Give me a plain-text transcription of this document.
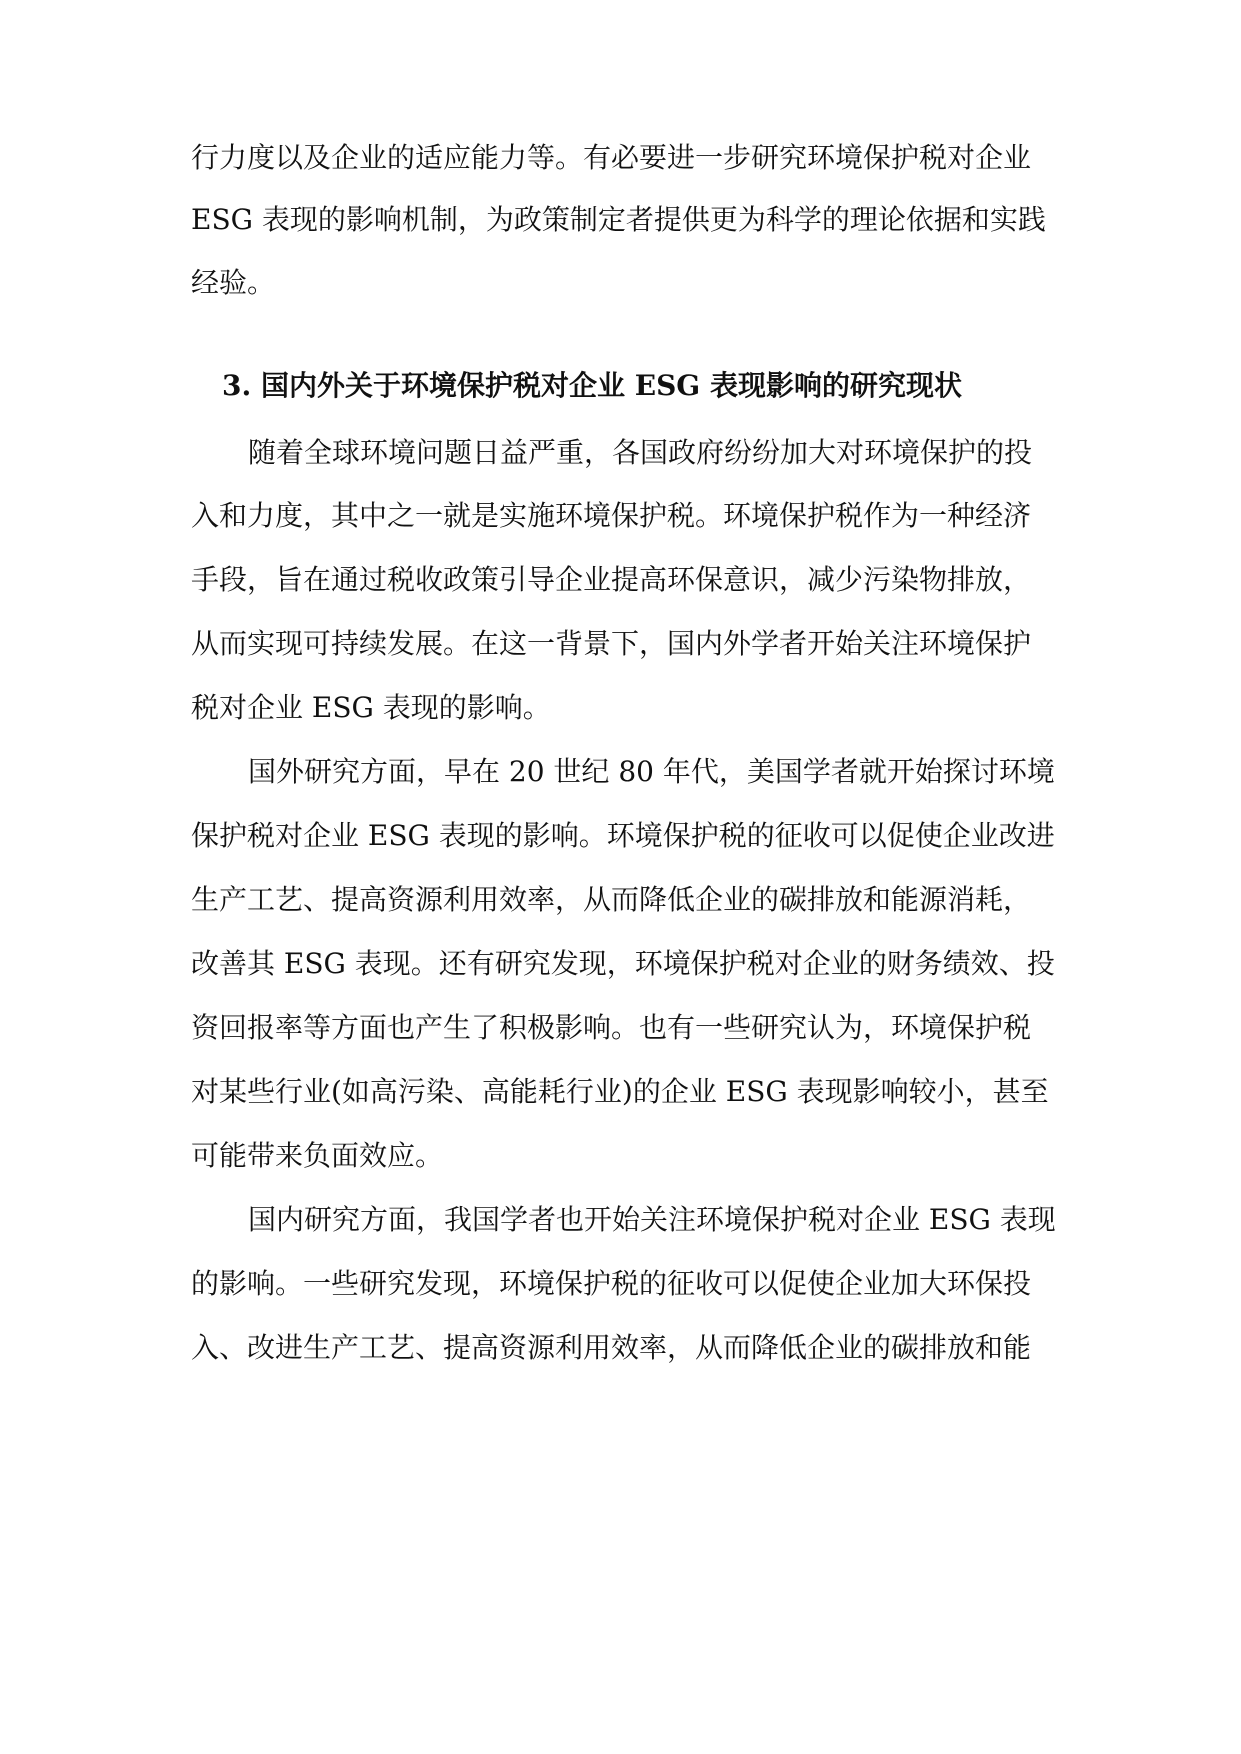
行力度以及企业的适应能力等。有必要进一步研究环境保护税对企业
ESG 表现的影响机制，为政策制定者提供更为科学的理论依据和实践
经验。
3. 国内外关于环境保护税对企业 ESG 表现影响的研究现状
随着全球环境问题日益严重，各国政府纷纷加大对环境保护的投
入和力度，其中之一就是实施环境保护税。环境保护税作为一种经济
手段，旨在通过税收政策引导企业提高环保意识，减少污染物排放，
从而实现可持续发展。在这一背景下，国内外学者开始关注环境保护
税对企业 ESG 表现的影响。
国外研究方面，早在 20 世纪 80 年代，美国学者就开始探讨环境
保护税对企业 ESG 表现的影响。环境保护税的征收可以促使企业改进
生产工艺、提高资源利用效率，从而降低企业的碳排放和能源消耗，
改善其 ESG 表现。还有研究发现，环境保护税对企业的财务绩效、投
资回报率等方面也产生了积极影响。也有一些研究认为，环境保护税
对某些行业(如高污染、高能耗行业)的企业 ESG 表现影响较小，甚至
可能带来负面效应。
国内研究方面，我国学者也开始关注环境保护税对企业 ESG 表现
的影响。一些研究发现，环境保护税的征收可以促使企业加大环保投
入、改进生产工艺、提高资源利用效率，从而降低企业的碳排放和能
